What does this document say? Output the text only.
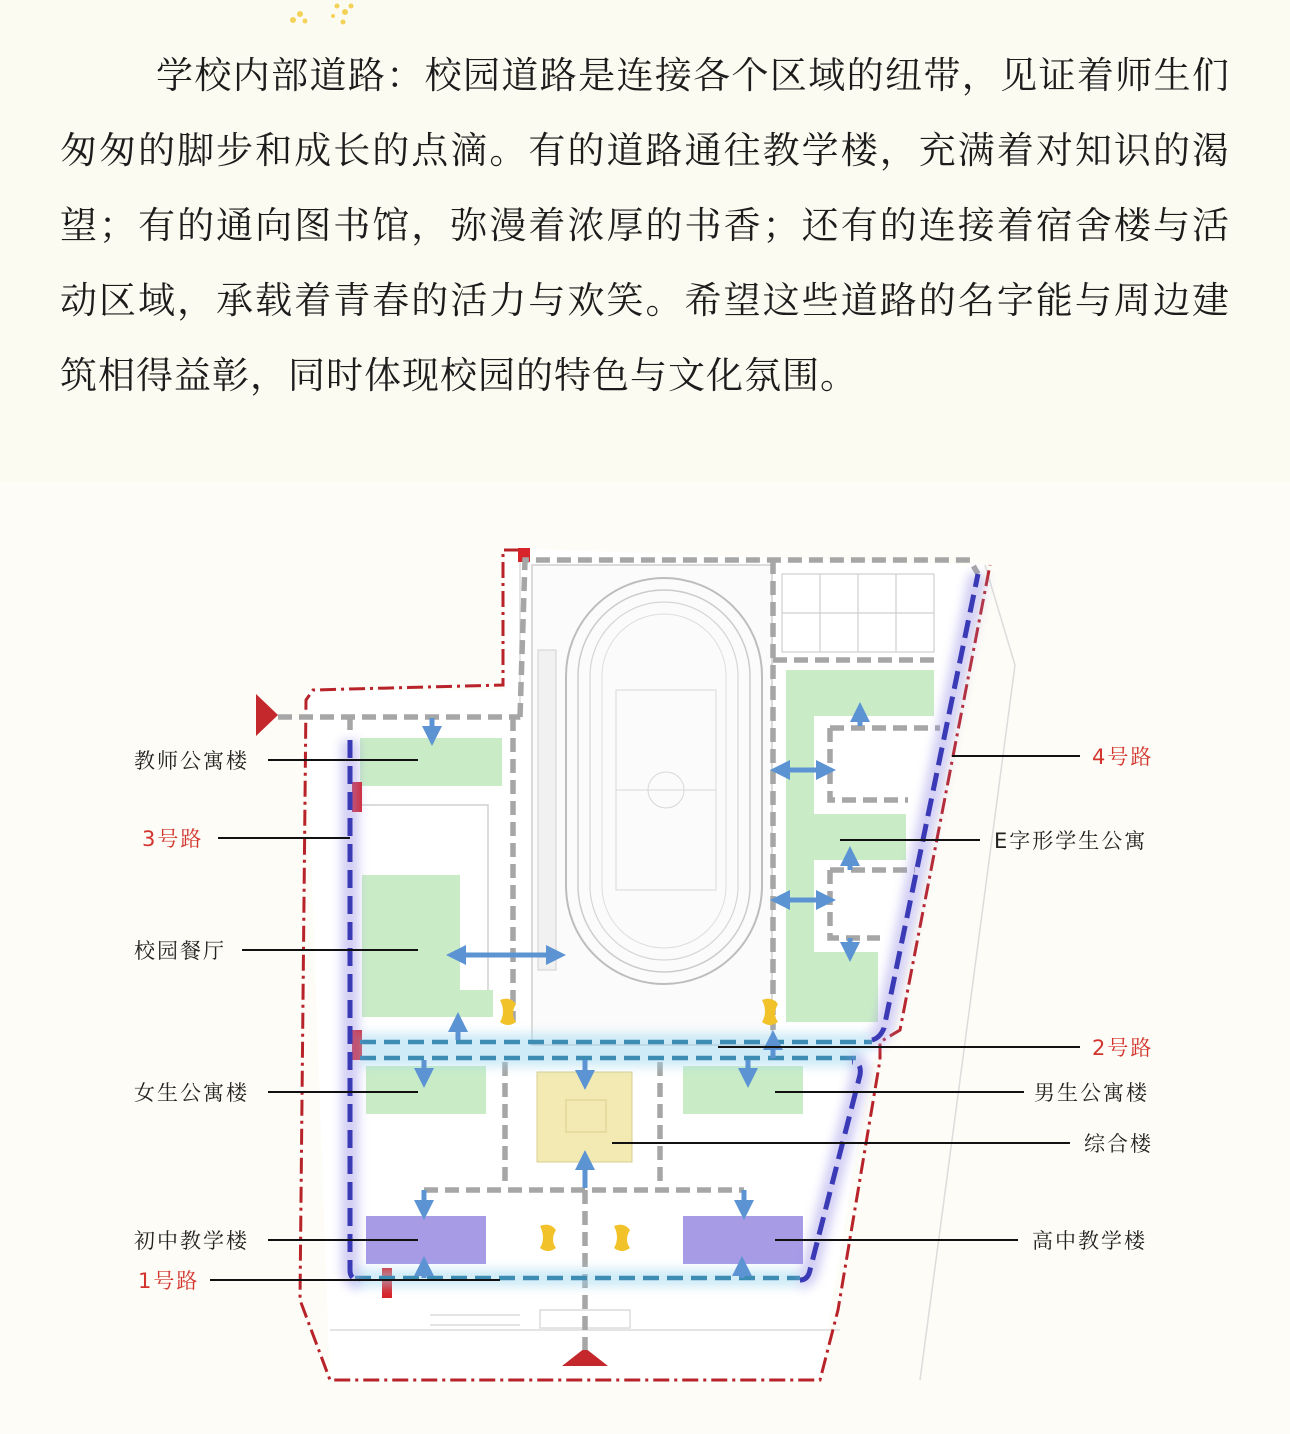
学校内部道路：校园道路是连接各个区域的纽带，见证着师生们匆匆的脚步和成长的点滴。有的道路通往教学楼，充满着对知识的渴望；有的通向图书馆，弥漫着浓厚的书香；还有的连接着宿舍楼与活动区域，承载着青春的活力与欢笑。希望这些道路的名字能与周边建筑相得益彰，同时体现校园的特色与文化氛围。

教师公寓楼
3号路
校园餐厅
女生公寓楼
初中教学楼
1号路
4号路
E字形学生公寓
2号路
男生公寓楼
综合楼
高中教学楼
